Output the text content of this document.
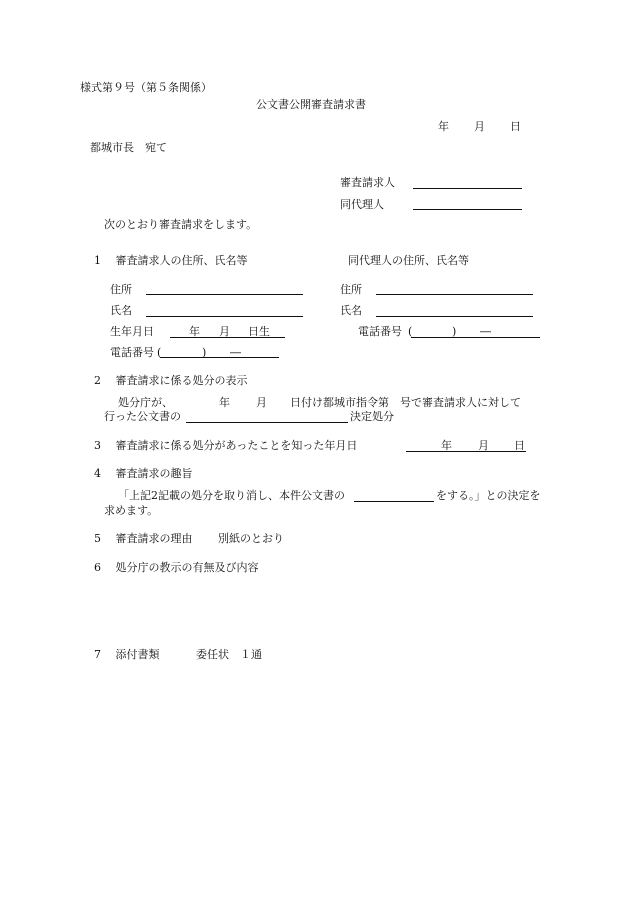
様式第９号（第５条関係）
公文書公開審査請求書
年 月 日
都城市長　宛て
審査請求人
同代理人
次のとおり審査請求をします。
1　 審査請求人の住所、氏名等	同代理人の住所、氏名等
住所	住所
氏名	氏名
生年月日	年 月 日生	電話番号 (	) ―
電話番号 (	) ―
2　 審査請求に係る処分の表示
処分庁が、	年 月 日付け都城市指令第　号で審査請求人に対して
行った公文書の	決定処分
3　 審査請求に係る処分があったことを知った年月日	年 月 日
4　 審査請求の趣旨
「上記2記載の処分を取り消し、本件公文書の	をする。」との決定を
求めます。
5　 審査請求の理由 別紙のとおり
6　 処分庁の教示の有無及び内容
7　 添付書類	委任状　１通
